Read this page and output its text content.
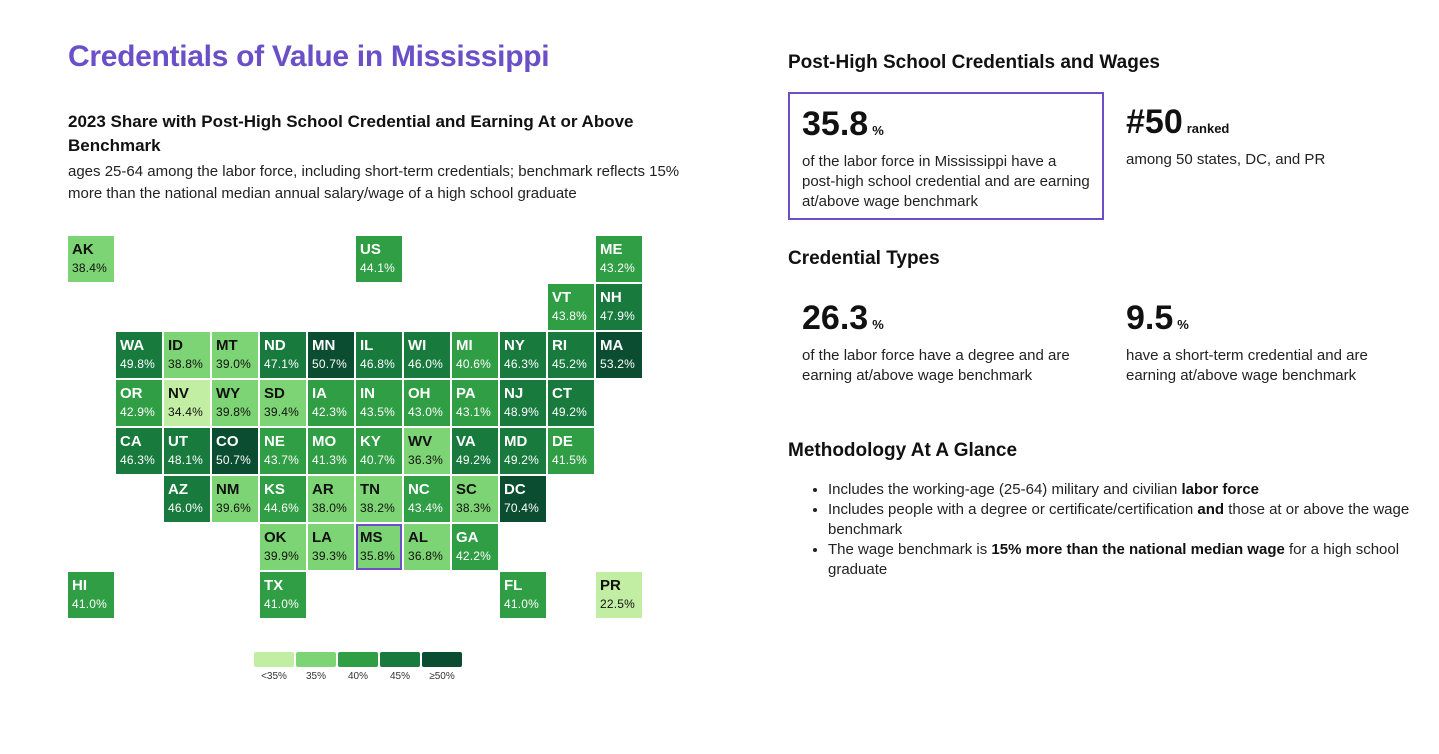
Credentials of Value in Mississippi
2023 Share with Post-High School Credential and Earning At or Above Benchmark

ages 25-64 among the labor force, including short-term credentials; benchmark reflects 15% more than the national median annual salary/wage of a high school graduate

AK
38.4%
US
44.1%
ME
43.2%
VT
43.8%
NH
47.9%
WA
49.8%
ID
38.8%
MT
39.0%
ND
47.1%
MN
50.7%
IL
46.8%
WI
46.0%
MI
40.6%
NY
46.3%
RI
45.2%
MA
53.2%
OR
42.9%
NV
34.4%
WY
39.8%
SD
39.4%
IA
42.3%
IN
43.5%
OH
43.0%
PA
43.1%
NJ
48.9%
CT
49.2%
CA
46.3%
UT
48.1%
CO
50.7%
NE
43.7%
MO
41.3%
KY
40.7%
WV
36.3%
VA
49.2%
MD
49.2%
DE
41.5%
AZ
46.0%
NM
39.6%
KS
44.6%
AR
38.0%
TN
38.2%
NC
43.4%
SC
38.3%
DC
70.4%
OK
39.9%
LA
39.3%
MS
35.8%
AL
36.8%
GA
42.2%
HI
41.0%
TX
41.0%
FL
41.0%
PR
22.5%
<35% 35% 40% 45% ≥50%
Post-High School Credentials and Wages
35.8 %
of the labor force in Mississippi have a post-high school credential and are earning at/above wage benchmark
#50 ranked
among 50 states, DC, and PR
Credential Types
26.3 %
of the labor force have a degree and are earning at/above wage benchmark
9.5 %
have a short-term credential and are earning at/above wage benchmark
Methodology At A Glance
• Includes the working-age (25-64) military and civilian labor force
• Includes people with a degree or certificate/certification and those at or above the wage benchmark
• The wage benchmark is 15% more than the national median wage for a high school graduate
